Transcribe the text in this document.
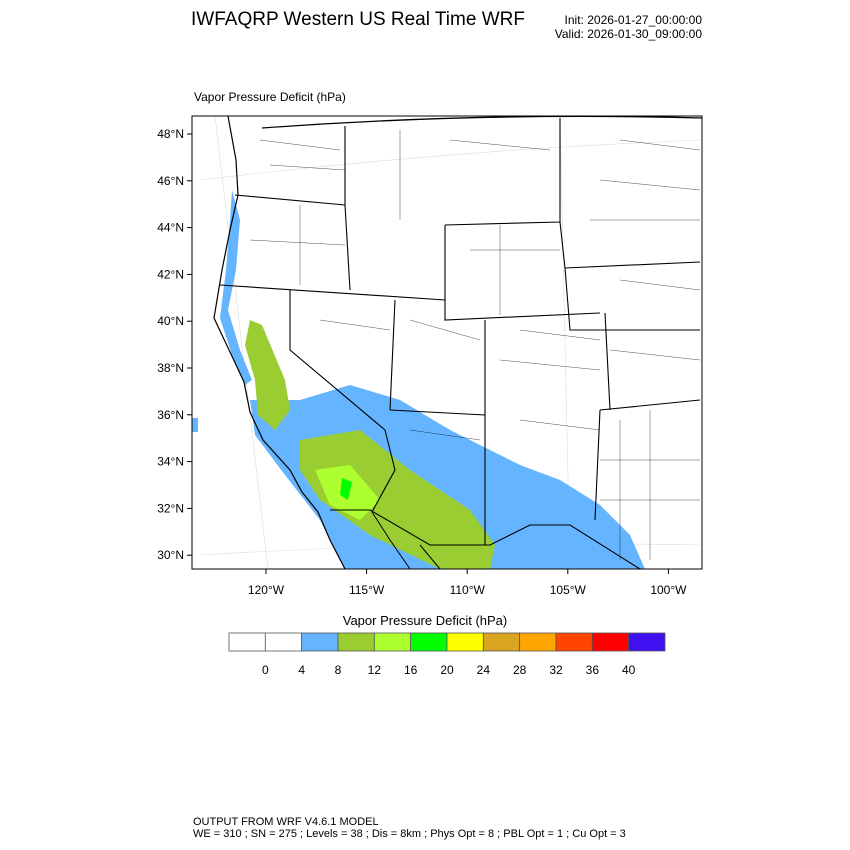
IWFAQRP Western US Real Time WRF	Init: 2026-01-27_00:00:00
Valid: 2026-01-30_09:00:00
Vapor Pressure Deficit (hPa)
48°N
46°N
44°N
42°N
40°N
38°N
36°N
34°N
32°N
30°N
120°W	115°W	110°W	105°W	100°W
0 4 8 12 16 20 24 28 32 36 40
Vapor Pressure Deficit (hPa)
OUTPUT FROM WRF V4.6.1 MODEL
WE = 310 ; SN = 275 ; Levels = 38 ; Dis = 8km ; Phys Opt = 8 ; PBL Opt = 1 ; Cu Opt = 3
